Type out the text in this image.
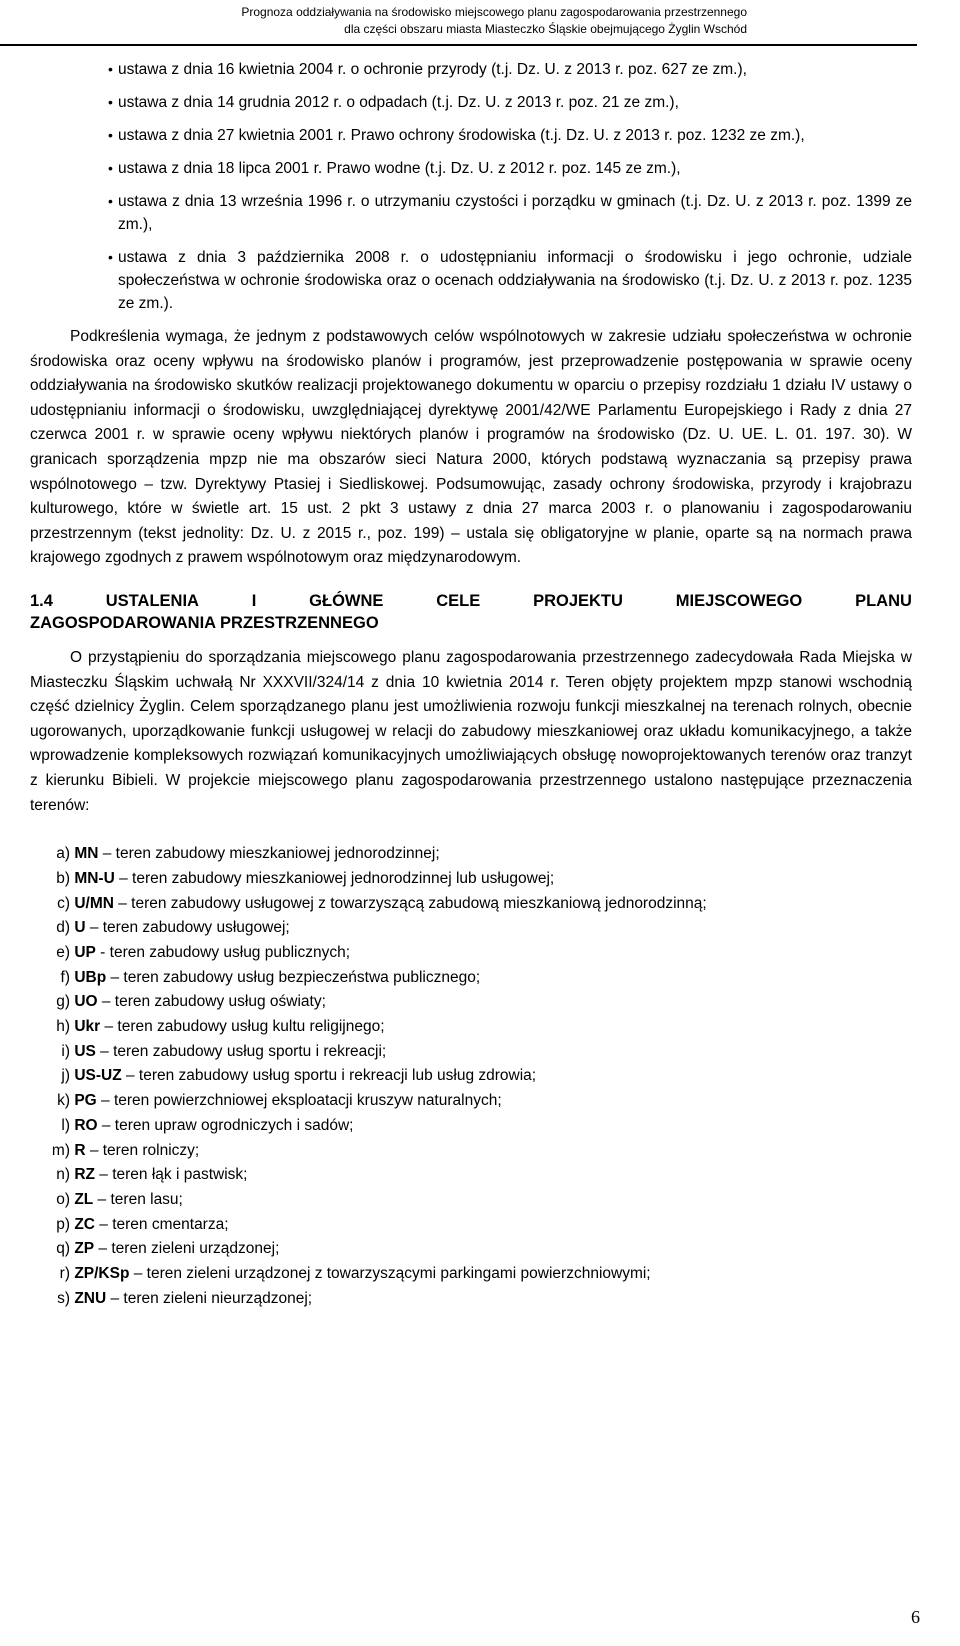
Prognoza oddziaływania na środowisko miejscowego planu zagospodarowania przestrzennego
dla części obszaru miasta Miasteczko Śląskie obejmującego Żyglin Wschód
• ustawa z dnia 16 kwietnia 2004 r. o ochronie przyrody (t.j. Dz. U. z 2013 r. poz. 627 ze zm.),
• ustawa z dnia 14 grudnia 2012 r. o odpadach (t.j. Dz. U. z 2013 r. poz. 21 ze zm.),
• ustawa z dnia 27 kwietnia 2001 r. Prawo ochrony środowiska (t.j. Dz. U. z 2013 r. poz. 1232 ze zm.),
• ustawa z dnia 18 lipca 2001 r. Prawo wodne (t.j. Dz. U. z 2012 r. poz. 145 ze zm.),
• ustawa z dnia 13 września 1996 r. o utrzymaniu czystości i porządku w gminach (t.j. Dz. U. z 2013 r. poz. 1399 ze zm.),
• ustawa z dnia 3 października 2008 r. o udostępnianiu informacji o środowisku i jego ochronie, udziale społeczeństwa w ochronie środowiska oraz o ocenach oddziaływania na środowisko (t.j. Dz. U. z 2013 r. poz. 1235 ze zm.).

Podkreślenia wymaga, że jednym z podstawowych celów wspólnotowych w zakresie udziału społeczeństwa w ochronie środowiska oraz oceny wpływu na środowisko planów i programów, jest przeprowadzenie postępowania w sprawie oceny oddziaływania na środowisko skutków realizacji projektowanego dokumentu w oparciu o przepisy rozdziału 1 działu IV ustawy o udostępnianiu informacji o środowisku, uwzględniającej dyrektywę 2001/42/WE Parlamentu Europejskiego i Rady z dnia 27 czerwca 2001 r. w sprawie oceny wpływu niektórych planów i programów na środowisko (Dz. U. UE. L. 01. 197. 30). W granicach sporządzenia mpzp nie ma obszarów sieci Natura 2000, których podstawą wyznaczania są przepisy prawa wspólnotowego – tzw. Dyrektywy Ptasiej i Siedliskowej. Podsumowując, zasady ochrony środowiska, przyrody i krajobrazu kulturowego, które w świetle art. 15 ust. 2 pkt 3 ustawy z dnia 27 marca 2003 r. o planowaniu i zagospodarowaniu przestrzennym (tekst jednolity: Dz. U. z 2015 r., poz. 199) – ustala się obligatoryjne w planie, oparte są na normach prawa krajowego zgodnych z prawem wspólnotowym oraz międzynarodowym.

1.4	USTALENIA	I	GŁÓWNE	CELE	PROJEKTU	MIEJSCOWEGO	PLANU
ZAGOSPODAROWANIA PRZESTRZENNEGO

O przystąpieniu do sporządzania miejscowego planu zagospodarowania przestrzennego zadecydowała Rada Miejska w Miasteczku Śląskim uchwałą Nr XXXVII/324/14 z dnia 10 kwietnia 2014 r. Teren objęty projektem mpzp stanowi wschodnią część dzielnicy Żyglin. Celem sporządzanego planu jest umożliwienia rozwoju funkcji mieszkalnej na terenach rolnych, obecnie ugorowanych, uporządkowanie funkcji usługowej w relacji do zabudowy mieszkaniowej oraz układu komunikacyjnego, a także wprowadzenie kompleksowych rozwiązań komunikacyjnych umożliwiających obsługę nowoprojektowanych terenów oraz tranzyt z kierunku Bibieli. W projekcie miejscowego planu zagospodarowania przestrzennego ustalono następujące przeznaczenia terenów:

a) MN – teren zabudowy mieszkaniowej jednorodzinnej;
b) MN-U – teren zabudowy mieszkaniowej jednorodzinnej lub usługowej;
c) U/MN – teren zabudowy usługowej z towarzyszącą zabudową mieszkaniową jednorodzinną;
d) U – teren zabudowy usługowej;
e) UP - teren zabudowy usług publicznych;
f) UBp – teren zabudowy usług bezpieczeństwa publicznego;
g) UO – teren zabudowy usług oświaty;
h) Ukr – teren zabudowy usług kultu religijnego;
i) US – teren zabudowy usług sportu i rekreacji;
j) US-UZ – teren zabudowy usług sportu i rekreacji lub usług zdrowia;
k) PG – teren powierzchniowej eksploatacji kruszyw naturalnych;
l) RO – teren upraw ogrodniczych i sadów;
m) R – teren rolniczy;
n) RZ – teren łąk i pastwisk;
o) ZL – teren lasu;
p) ZC – teren cmentarza;
q) ZP – teren zieleni urządzonej;
r) ZP/KSp – teren zieleni urządzonej z towarzyszącymi parkingami powierzchniowymi;
s) ZNU – teren zieleni nieurządzonej;
6
